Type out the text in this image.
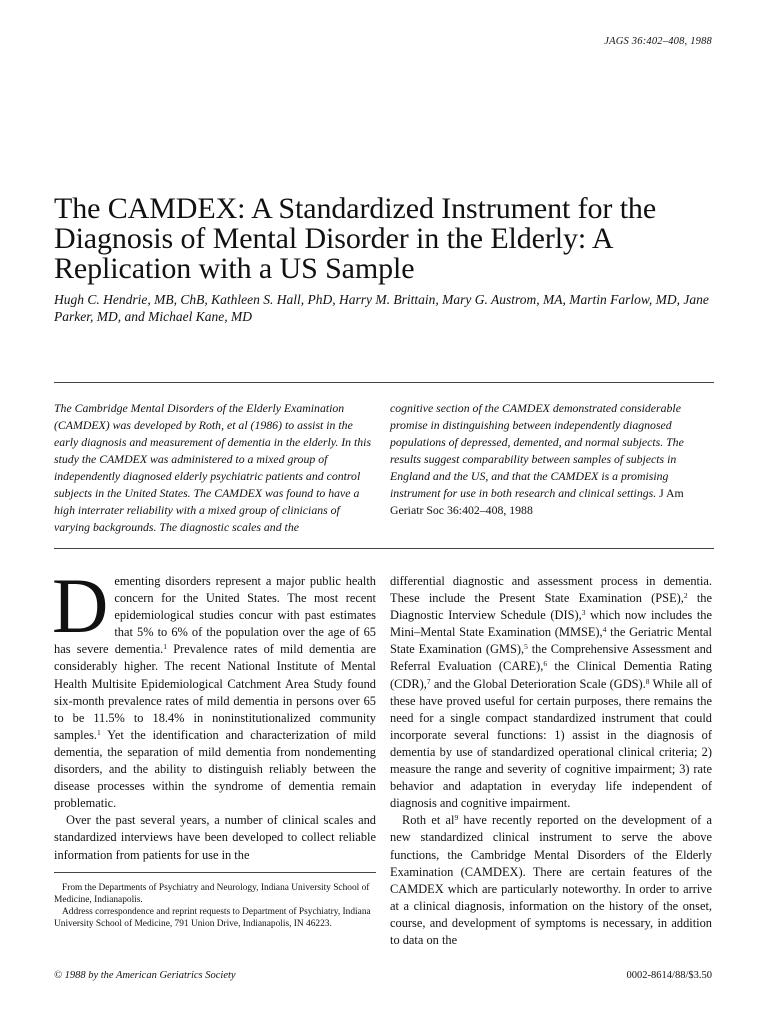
JAGS 36:402–408, 1988
The CAMDEX: A Standardized Instrument for the Diagnosis of Mental Disorder in the Elderly: A Replication with a US Sample

Hugh C. Hendrie, MB, ChB, Kathleen S. Hall, PhD, Harry M. Brittain, Mary G. Austrom, MA, Martin Farlow, MD, Jane Parker, MD, and Michael Kane, MD

The Cambridge Mental Disorders of the Elderly Examination (CAMDEX) was developed by Roth, et al (1986) to assist in the early diagnosis and measurement of dementia in the elderly. In this study the CAMDEX was administered to a mixed group of independently diagnosed elderly psychiatric patients and control subjects in the United States. The CAMDEX was found to have a high interrater reliability with a mixed group of clinicians of varying backgrounds. The diagnostic scales and the

cognitive section of the CAMDEX demonstrated considerable promise in distinguishing between independently diagnosed populations of depressed, demented, and normal subjects. The results suggest comparability between samples of subjects in England and the US, and that the CAMDEX is a promising instrument for use in both research and clinical settings. J Am Geriatr Soc 36:402–408, 1988

Dementing disorders represent a major public health concern for the United States. The most recent epidemiological studies concur with past estimates that 5% to 6% of the population over the age of 65 has severe dementia.$^1$ Prevalence rates of mild dementia are considerably higher. The recent National Institute of Mental Health Multisite Epidemiological Catchment Area Study found six-month prevalence rates of mild dementia in persons over 65 to be 11.5% to 18.4% in noninstitutionalized community samples.$^1$ Yet the identification and characterization of mild dementia, the separation of mild dementia from nondementing disorders, and the ability to distinguish reliably between the disease processes within the syndrome of dementia remain problematic.

Over the past several years, a number of clinical scales and standardized interviews have been developed to collect reliable information from patients for use in the

differential diagnostic and assessment process in dementia. These include the Present State Examination (PSE),$^2$ the Diagnostic Interview Schedule (DIS),$^3$ which now includes the Mini–Mental State Examination (MMSE),$^4$ the Geriatric Mental State Examination (GMS),$^5$ the Comprehensive Assessment and Referral Evaluation (CARE),$^6$ the Clinical Dementia Rating (CDR),$^7$ and the Global Deterioration Scale (GDS).$^8$ While all of these have proved useful for certain purposes, there remains the need for a single compact standardized instrument that could incorporate several functions: 1) assist in the diagnosis of dementia by use of standardized operational clinical criteria; 2) measure the range and severity of cognitive impairment; 3) rate behavior and adaptation in everyday life independent of diagnosis and cognitive impairment.

Roth et $al^9$ have recently reported on the development of a new standardized clinical instrument to serve the above functions, the Cambridge Mental Disorders of the Elderly Examination (CAMDEX). There are certain features of the CAMDEX which are particularly noteworthy. In order to arrive at a clinical diagnosis, information on the history of the onset, course, and development of symptoms is necessary, in addition to data on the

From the Departments of Psychiatry and Neurology, Indiana University School of Medicine, Indianapolis.

Address correspondence and reprint requests to Department of Psychiatry, Indiana University School of Medicine, 791 Union Drive, Indianapolis, IN 46223.

© 1988 by the American Geriatrics Society	0002-8614/88/$3.50
